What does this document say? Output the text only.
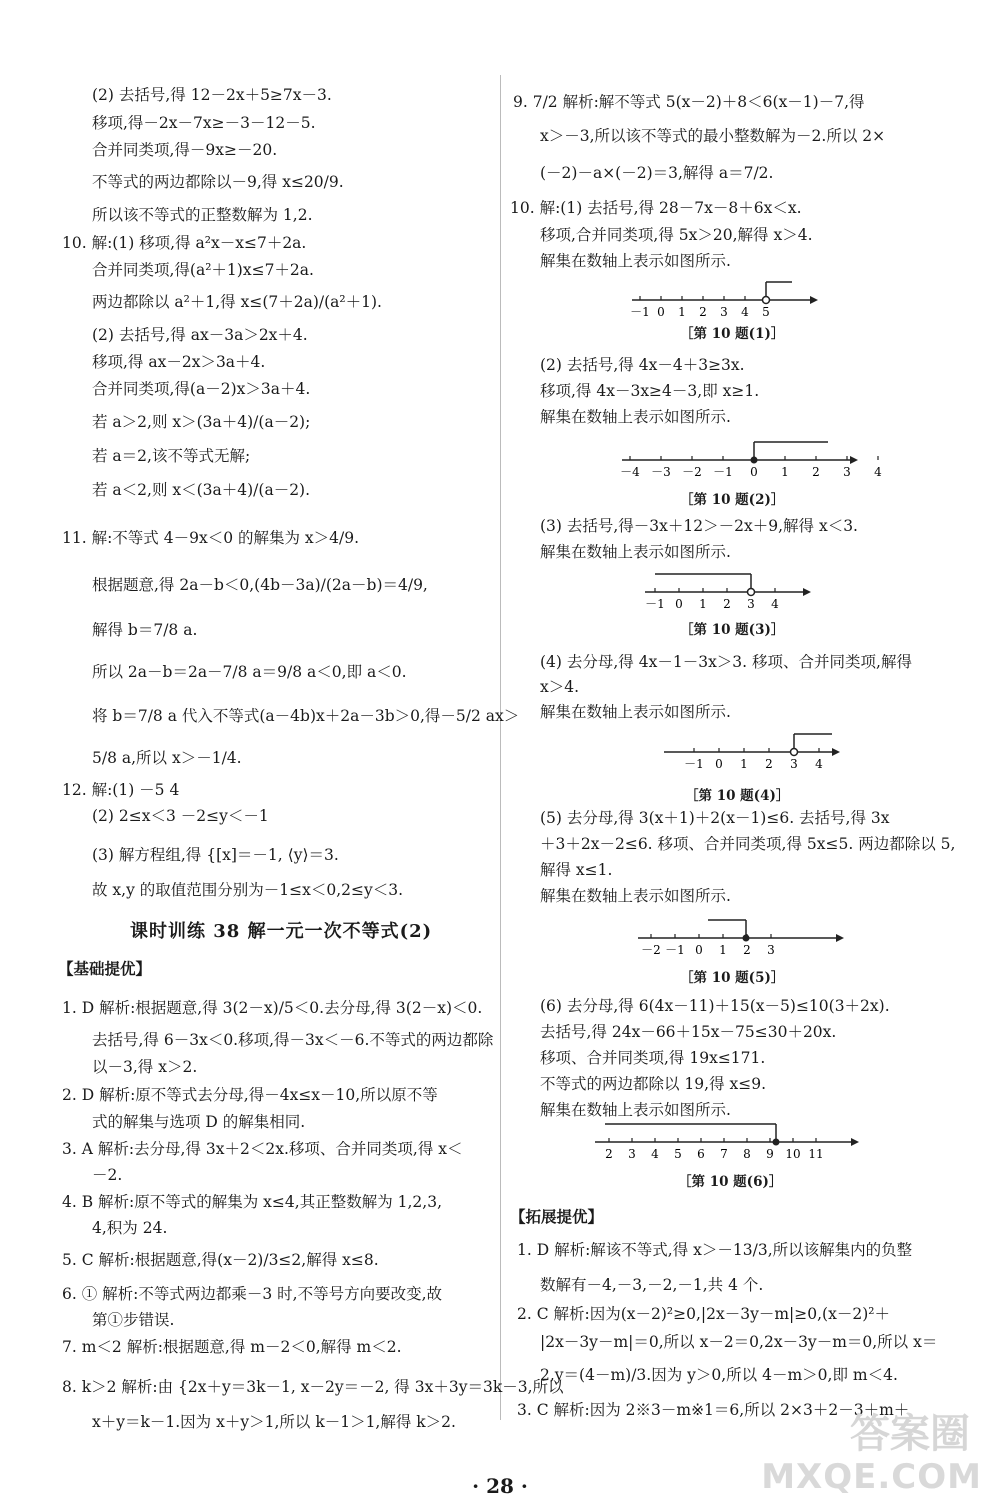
(2) 去括号,得 12－2x＋5≥7x－3.
移项,得－2x－7x≥－3－12－5.
合并同类项,得－9x≥－20.
不等式的两边都除以－9,得 x≤20/9.
所以该不等式的正整数解为 1,2.
10. 解:(1) 移项,得 a²x－x≤7＋2a.
合并同类项,得(a²＋1)x≤7＋2a.
两边都除以 a²＋1,得 x≤(7＋2a)/(a²＋1).
(2) 去括号,得 ax－3a＞2x＋4.
移项,得 ax－2x＞3a＋4.
合并同类项,得(a－2)x＞3a＋4.
若 a＞2,则 x＞(3a＋4)/(a－2);
若 a＝2,该不等式无解;
若 a＜2,则 x＜(3a＋4)/(a－2).
11. 解:不等式 4－9x＜0 的解集为 x＞4/9.
根据题意,得 2a－b＜0,(4b－3a)/(2a－b)＝4/9,
解得 b＝7/8 a.
所以 2a－b＝2a－7/8 a＝9/8 a＜0,即 a＜0.
将 b＝7/8 a 代入不等式(a－4b)x＋2a－3b＞0,得－5/2 ax＞
5/8 a,所以 x＞－1/4.
12. 解:(1) －5 4
(2) 2≤x＜3 －2≤y＜－1
(3) 解方程组,得 {[x]＝－1, ⟨y⟩＝3.
故 x,y 的取值范围分别为－1≤x＜0,2≤y＜3.
1. D 解析:根据题意,得 3(2－x)/5＜0.去分母,得 3(2－x)＜0.
去括号,得 6－3x＜0.移项,得－3x＜－6.不等式的两边都除
以－3,得 x＞2.
2. D 解析:原不等式去分母,得－4x≤x－10,所以原不等
式的解集与选项 D 的解集相同.
3. A 解析:去分母,得 3x＋2＜2x.移项、合并同类项,得 x＜
－2.
4. B 解析:原不等式的解集为 x≤4,其正整数解为 1,2,3,
4,积为 24.
5. C 解析:根据题意,得(x－2)/3≤2,解得 x≤8.
6. ① 解析:不等式两边都乘－3 时,不等号方向要改变,故
第①步错误.
7. m＜2 解析:根据题意,得 m－2＜0,解得 m＜2.
8. k＞2 解析:由 {2x＋y＝3k－1, x－2y＝－2, 得 3x＋3y＝3k－3,所以
x＋y＝k－1.因为 x＋y＞1,所以 k－1＞1,解得 k＞2.
9. 7/2 解析:解不等式 5(x－2)＋8＜6(x－1)－7,得
x＞－3,所以该不等式的最小整数解为－2.所以 2×
(－2)－a×(－2)＝3,解得 a＝7/2.
10. 解:(1) 去括号,得 28－7x－8＋6x＜x.
移项,合并同类项,得 5x＞20,解得 x＞4.
解集在数轴上表示如图所示.
(2) 去括号,得 4x－4＋3≥3x.
移项,得 4x－3x≥4－3,即 x≥1.
解集在数轴上表示如图所示.
(3) 去括号,得－3x＋12＞－2x＋9,解得 x＜3.
解集在数轴上表示如图所示.
(4) 去分母,得 4x－1－3x＞3. 移项、合并同类项,解得
x＞4.
解集在数轴上表示如图所示.
(5) 去分母,得 3(x＋1)＋2(x－1)≤6. 去括号,得 3x
＋3＋2x－2≤6. 移项、合并同类项,得 5x≤5. 两边都除以 5,
解得 x≤1.
解集在数轴上表示如图所示.
(6) 去分母,得 6(4x－11)＋15(x－5)≤10(3＋2x).
去括号,得 24x－66＋15x－75≤30＋20x.
移项、合并同类项,得 19x≤171.
不等式的两边都除以 19,得 x≤9.
解集在数轴上表示如图所示.
1. D 解析:解该不等式,得 x＞－13/3,所以该解集内的负整
数解有－4,－3,－2,－1,共 4 个.
2. C 解析:因为(x－2)²≥0,|2x－3y－m|≥0,(x－2)²＋
|2x－3y－m|＝0,所以 x－2＝0,2x－3y－m＝0,所以 x＝
2,y＝(4－m)/3.因为 y＞0,所以 4－m＞0,即 m＜4.
3. C 解析:因为 2※3－m※1＝6,所以 2×3＋2－3＋m＋
课时训练 38 解一元一次不等式(2)
【基础提优】
【拓展提优】
－1 0 1 2 3 4 5
［第 10 题(1)］
－4 －3 －2 －1 0 1 2 3 4
［第 10 题(2)］
－1 0 1 2 3 4
［第 10 题(3)］
－1 0 1 2 3 4
［第 10 题(4)］
－2 －1 0 1 2 3
［第 10 题(5)］
2 3 4 5 6 7 8 9 10 11
［第 10 题(6)］
· 28 ·
答案圈
MXQE.COM
